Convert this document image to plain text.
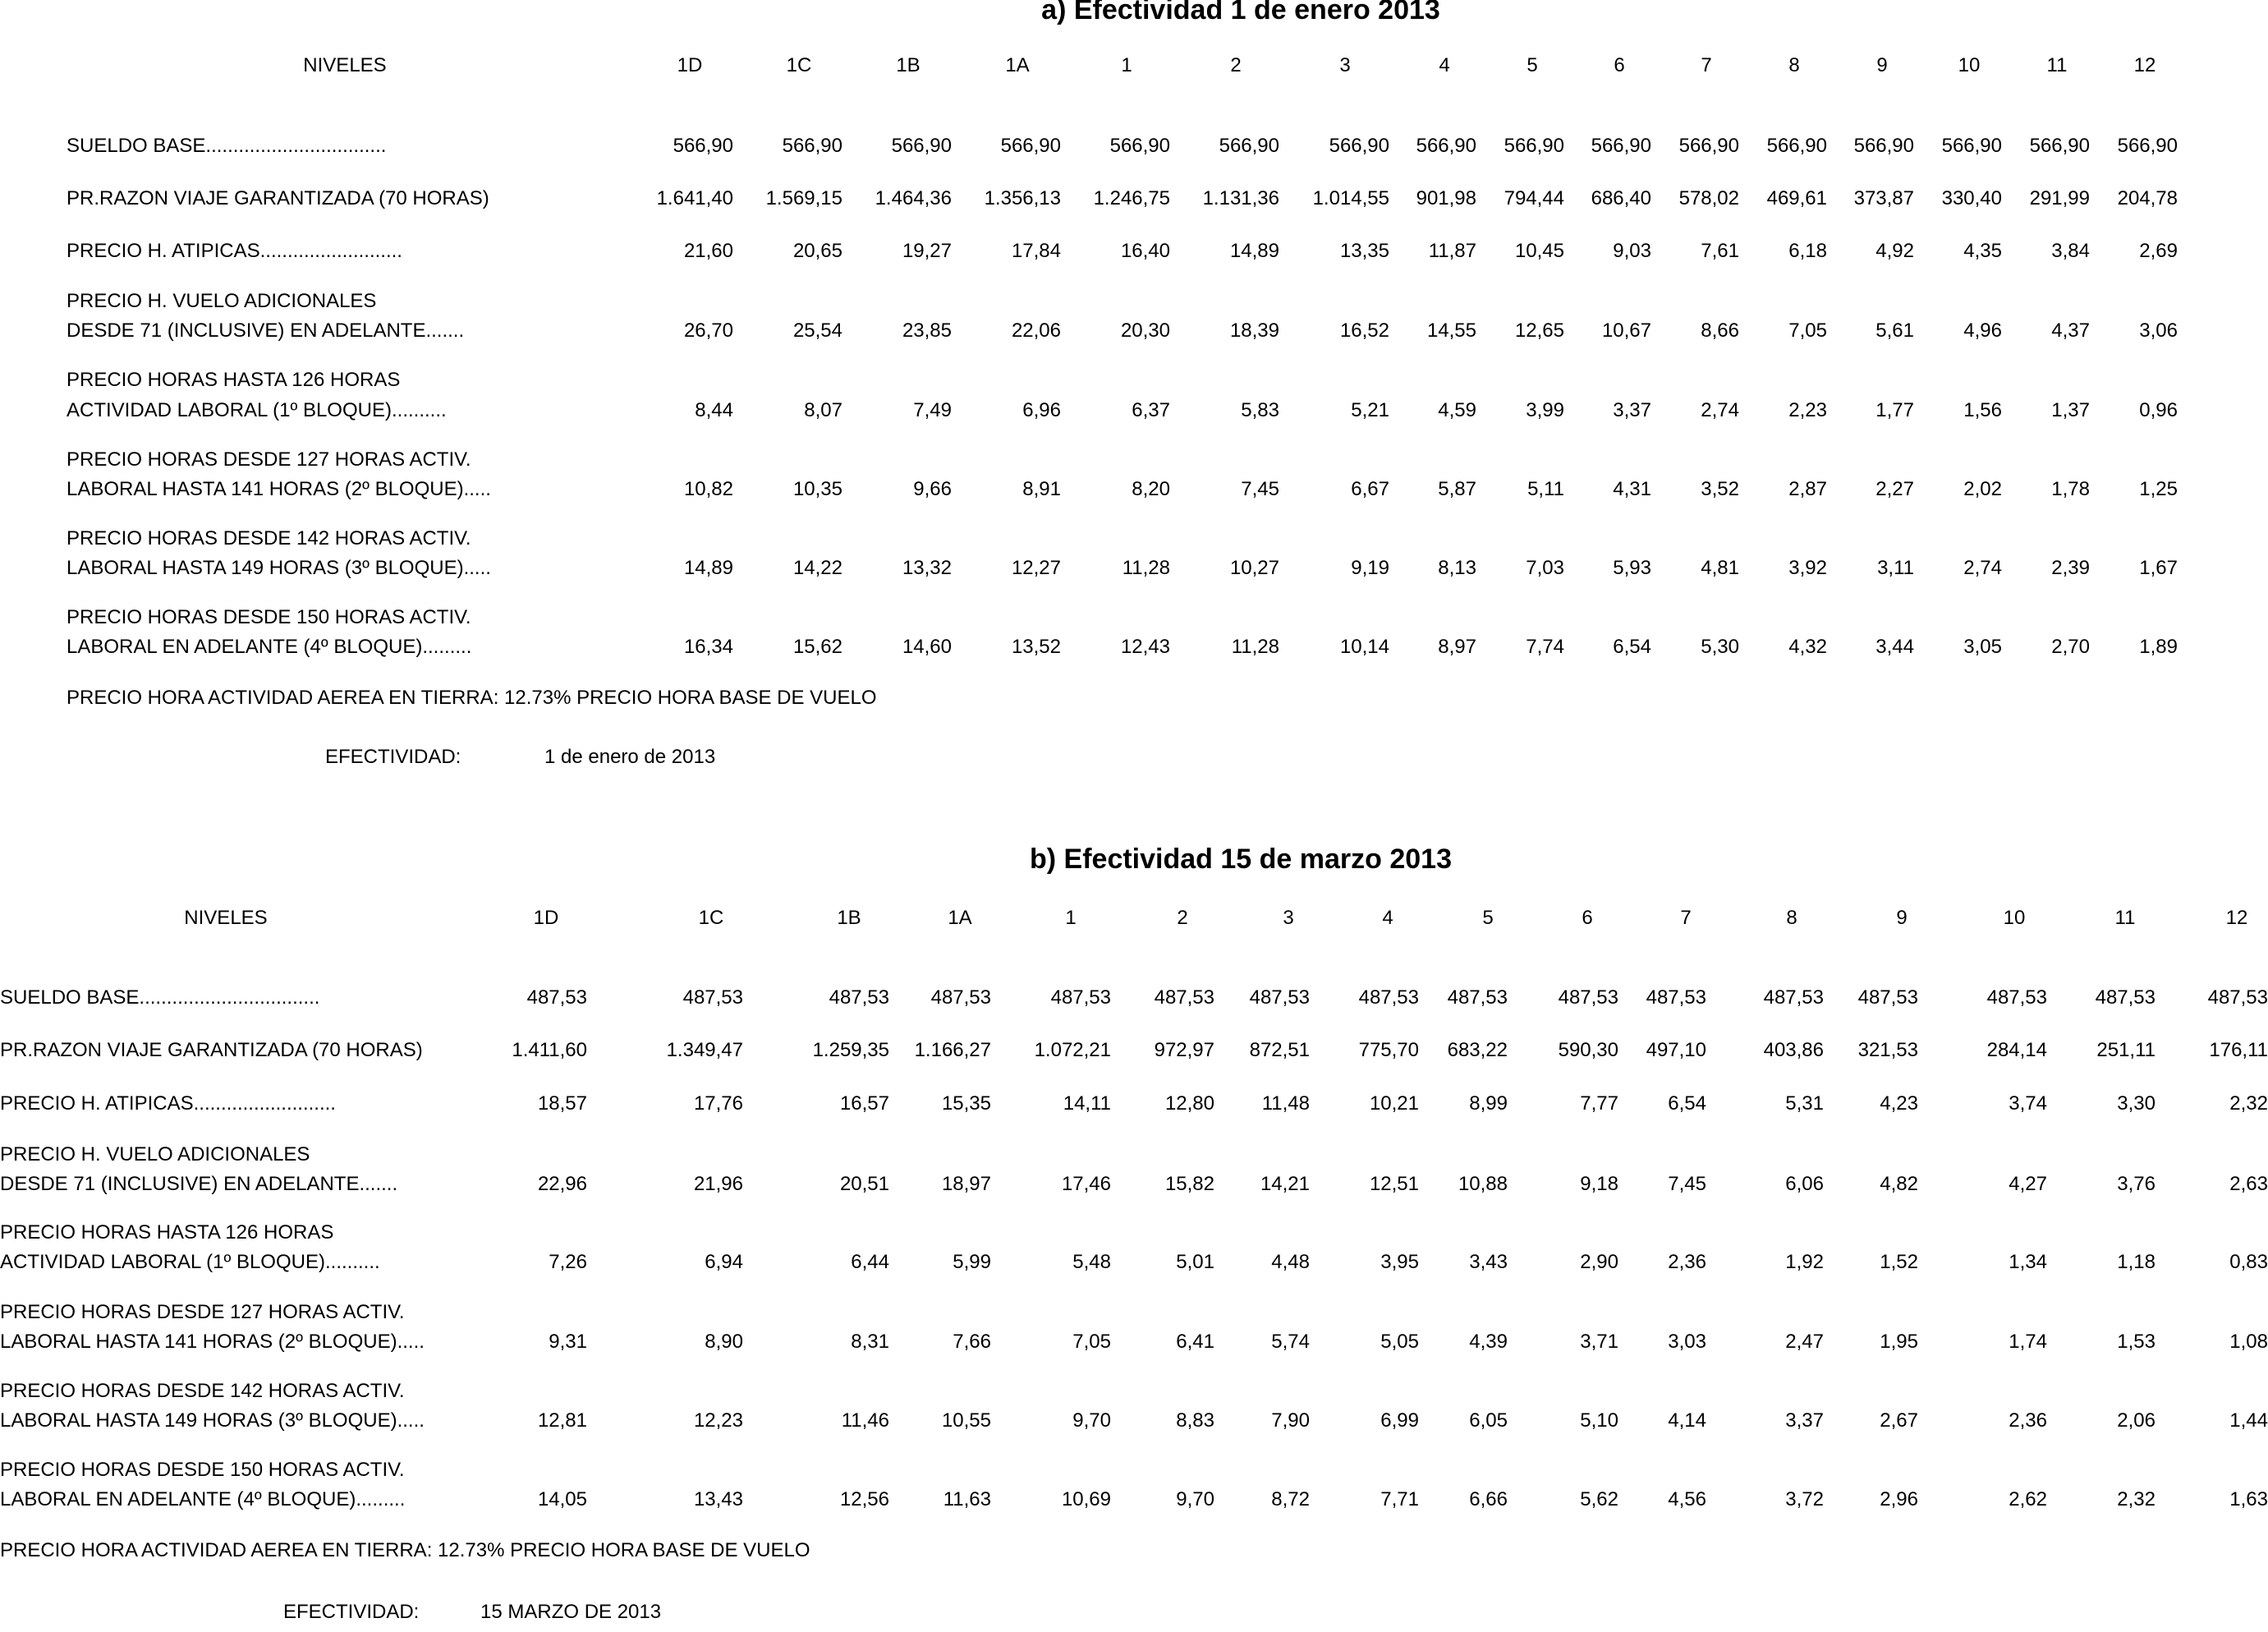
a) Efectividad 1 de enero 2013
NIVELES	1D	1C	1B	1A	1	2	3	4	5	6	7	8	9	10	11	12
SUELDO BASE.................................	566,90	566,90	566,90	566,90	566,90	566,90	566,90	566,90	566,90	566,90	566,90	566,90	566,90	566,90	566,90	566,90
PR.RAZON VIAJE GARANTIZADA (70 HORAS)	1.641,40	1.569,15	1.464,36	1.356,13	1.246,75	1.131,36	1.014,55	901,98	794,44	686,40	578,02	469,61	373,87	330,40	291,99	204,78
PRECIO H. ATIPICAS..........................	21,60	20,65	19,27	17,84	16,40	14,89	13,35	11,87	10,45	9,03	7,61	6,18	4,92	4,35	3,84	2,69
PRECIO H. VUELO ADICIONALES
DESDE 71 (INCLUSIVE) EN ADELANTE.......	26,70	25,54	23,85	22,06	20,30	18,39	16,52	14,55	12,65	10,67	8,66	7,05	5,61	4,96	4,37	3,06
PRECIO HORAS HASTA 126 HORAS
ACTIVIDAD LABORAL (1º BLOQUE)..........	8,44	8,07	7,49	6,96	6,37	5,83	5,21	4,59	3,99	3,37	2,74	2,23	1,77	1,56	1,37	0,96
PRECIO HORAS DESDE 127 HORAS ACTIV.
LABORAL HASTA 141 HORAS (2º BLOQUE).....	10,82	10,35	9,66	8,91	8,20	7,45	6,67	5,87	5,11	4,31	3,52	2,87	2,27	2,02	1,78	1,25
PRECIO HORAS DESDE 142 HORAS ACTIV.
LABORAL HASTA 149 HORAS (3º BLOQUE).....	14,89	14,22	13,32	12,27	11,28	10,27	9,19	8,13	7,03	5,93	4,81	3,92	3,11	2,74	2,39	1,67
PRECIO HORAS DESDE 150 HORAS ACTIV.
LABORAL EN ADELANTE (4º BLOQUE).........	16,34	15,62	14,60	13,52	12,43	11,28	10,14	8,97	7,74	6,54	5,30	4,32	3,44	3,05	2,70	1,89
PRECIO HORA ACTIVIDAD AEREA EN TIERRA: 12.73% PRECIO HORA BASE DE VUELO
EFECTIVIDAD:	1 de enero de 2013
b) Efectividad 15 de marzo 2013
NIVELES	1D	1C	1B	1A	1	2	3	4	5	6	7	8	9	10	11	12
SUELDO BASE.................................	487,53	487,53	487,53	487,53	487,53	487,53	487,53	487,53	487,53	487,53	487,53	487,53	487,53	487,53	487,53	487,53
PR.RAZON VIAJE GARANTIZADA (70 HORAS)	1.411,60	1.349,47	1.259,35	1.166,27	1.072,21	972,97	872,51	775,70	683,22	590,30	497,10	403,86	321,53	284,14	251,11	176,11
PRECIO H. ATIPICAS..........................	18,57	17,76	16,57	15,35	14,11	12,80	11,48	10,21	8,99	7,77	6,54	5,31	4,23	3,74	3,30	2,32
PRECIO H. VUELO ADICIONALES
DESDE 71 (INCLUSIVE) EN ADELANTE.......	22,96	21,96	20,51	18,97	17,46	15,82	14,21	12,51	10,88	9,18	7,45	6,06	4,82	4,27	3,76	2,63
PRECIO HORAS HASTA 126 HORAS
ACTIVIDAD LABORAL (1º BLOQUE)..........	7,26	6,94	6,44	5,99	5,48	5,01	4,48	3,95	3,43	2,90	2,36	1,92	1,52	1,34	1,18	0,83
PRECIO HORAS DESDE 127 HORAS ACTIV.
LABORAL HASTA 141 HORAS (2º BLOQUE).....	9,31	8,90	8,31	7,66	7,05	6,41	5,74	5,05	4,39	3,71	3,03	2,47	1,95	1,74	1,53	1,08
PRECIO HORAS DESDE 142 HORAS ACTIV.
LABORAL HASTA 149 HORAS (3º BLOQUE).....	12,81	12,23	11,46	10,55	9,70	8,83	7,90	6,99	6,05	5,10	4,14	3,37	2,67	2,36	2,06	1,44
PRECIO HORAS DESDE 150 HORAS ACTIV.
LABORAL EN ADELANTE (4º BLOQUE).........	14,05	13,43	12,56	11,63	10,69	9,70	8,72	7,71	6,66	5,62	4,56	3,72	2,96	2,62	2,32	1,63
PRECIO HORA ACTIVIDAD AEREA EN TIERRA: 12.73% PRECIO HORA BASE DE VUELO
EFECTIVIDAD:	15 MARZO DE 2013
